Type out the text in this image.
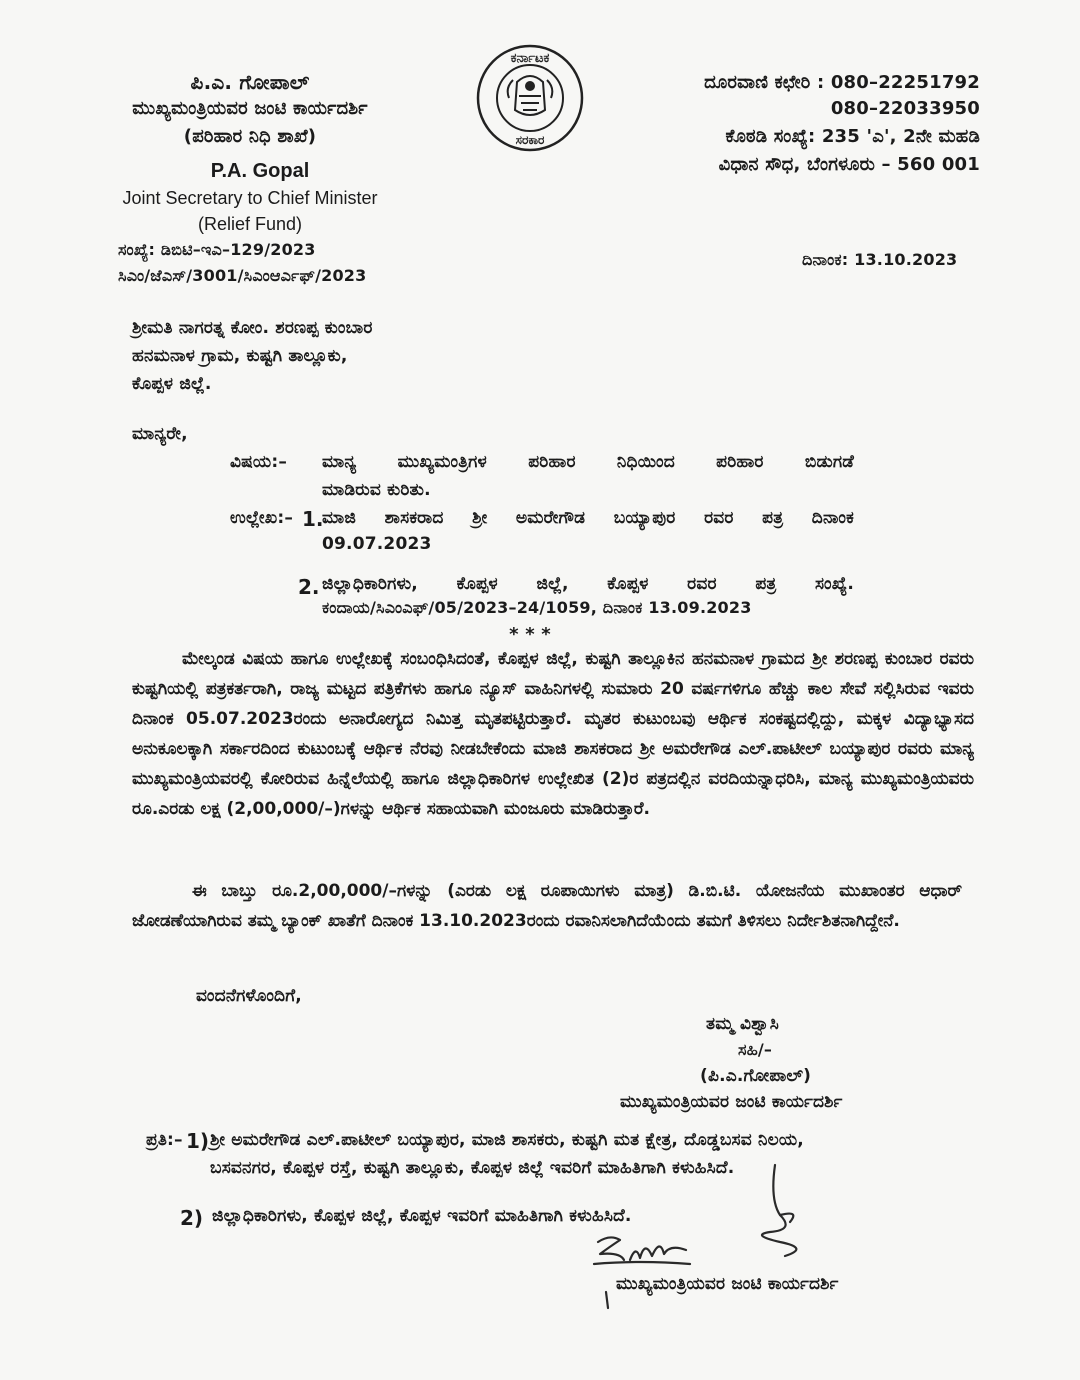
ಪಿ.ಎ. ಗೋಪಾಲ್
ಮುಖ್ಯಮಂತ್ರಿಯವರ ಜಂಟಿ ಕಾರ್ಯದರ್ಶಿ
(ಪರಿಹಾರ ನಿಧಿ ಶಾಖೆ)
P.A. Gopal
Joint Secretary to Chief Minister
(Relief Fund)
ಸಂಖ್ಯೆ: ಡಿಬಿಟಿ–ಇಎ–129/2023
ಸಿಎಂ/ಜೆಎಸ್/3001/ಸಿಎಂಆರ್ಎಫ್/2023
ಕರ್ನಾಟಕ
ಸರಕಾರ
ದೂರವಾಣಿ ಕಛೇರಿ : 080–22251792
080–22033950
ಕೊಠಡಿ ಸಂಖ್ಯೆ: 235 'ಎ', 2ನೇ ಮಹಡಿ
ವಿಧಾನ ಸೌಧ, ಬೆಂಗಳೂರು – 560 001
ದಿನಾಂಕ: 13.10.2023
ಶ್ರೀಮತಿ ನಾಗರತ್ನ ಕೋಂ. ಶರಣಪ್ಪ ಕುಂಬಾರ
ಹನಮನಾಳ ಗ್ರಾಮ, ಕುಷ್ಟಗಿ ತಾಲ್ಲೂಕು,
ಕೊಪ್ಪಳ ಜಿಲ್ಲೆ.
ಮಾನ್ಯರೇ,
ವಿಷಯ:– ಮಾನ್ಯ ಮುಖ್ಯಮಂತ್ರಿಗಳ ಪರಿಹಾರ ನಿಧಿಯಿಂದ ಪರಿಹಾರ ಬಿಡುಗಡೆ
ಮಾಡಿರುವ ಕುರಿತು.
ಉಲ್ಲೇಖ:– 1.
ಮಾಜಿ ಶಾಸಕರಾದ ಶ್ರೀ ಅಮರೇಗೌಡ ಬಯ್ಯಾಪುರ ರವರ ಪತ್ರ ದಿನಾಂಕ
09.07.2023
2. ಜಿಲ್ಲಾಧಿಕಾರಿಗಳು, ಕೊಪ್ಪಳ ಜಿಲ್ಲೆ, ಕೊಪ್ಪಳ ರವರ ಪತ್ರ ಸಂಖ್ಯೆ.
ಕಂದಾಯ/ಸಿಎಂಎಫ್/05/2023–24/1059, ದಿನಾಂಕ 13.09.2023
* * *
ಮೇಲ್ಕಂಡ ವಿಷಯ ಹಾಗೂ ಉಲ್ಲೇಖಕ್ಕೆ ಸಂಬಂಧಿಸಿದಂತೆ, ಕೊಪ್ಪಳ ಜಿಲ್ಲೆ, ಕುಷ್ಟಗಿ ತಾಲ್ಲೂಕಿನ ಹನಮನಾಳ ಗ್ರಾಮದ ಶ್ರೀ ಶರಣಪ್ಪ ಕುಂಬಾರ ರವರು ಕುಷ್ಟಗಿಯಲ್ಲಿ ಪತ್ರಕರ್ತರಾಗಿ, ರಾಜ್ಯ ಮಟ್ಟದ ಪತ್ರಿಕೆಗಳು ಹಾಗೂ ನ್ಯೂಸ್ ವಾಹಿನಿಗಳಲ್ಲಿ ಸುಮಾರು 20 ವರ್ಷಗಳಿಗೂ ಹೆಚ್ಚು ಕಾಲ ಸೇವೆ ಸಲ್ಲಿಸಿರುವ ಇವರು ದಿನಾಂಕ 05.07.2023ರಂದು ಅನಾರೋಗ್ಯದ ನಿಮಿತ್ತ ಮೃತಪಟ್ಟಿರುತ್ತಾರೆ. ಮೃತರ ಕುಟುಂಬವು ಆರ್ಥಿಕ ಸಂಕಷ್ಟದಲ್ಲಿದ್ದು, ಮಕ್ಕಳ ವಿದ್ಯಾಭ್ಯಾಸದ ಅನುಕೂಲಕ್ಕಾಗಿ ಸರ್ಕಾರದಿಂದ ಕುಟುಂಬಕ್ಕೆ ಆರ್ಥಿಕ ನೆರವು ನೀಡಬೇಕೆಂದು ಮಾಜಿ ಶಾಸಕರಾದ ಶ್ರೀ ಅಮರೇಗೌಡ ಎಲ್.ಪಾಟೀಲ್ ಬಯ್ಯಾಪುರ ರವರು ಮಾನ್ಯ ಮುಖ್ಯಮಂತ್ರಿಯವರಲ್ಲಿ ಕೋರಿರುವ ಹಿನ್ನೆಲೆಯಲ್ಲಿ ಹಾಗೂ ಜಿಲ್ಲಾಧಿಕಾರಿಗಳ ಉಲ್ಲೇಖಿತ (2)ರ ಪತ್ರದಲ್ಲಿನ ವರದಿಯನ್ನಾಧರಿಸಿ, ಮಾನ್ಯ ಮುಖ್ಯಮಂತ್ರಿಯವರು ರೂ.ಎರಡು ಲಕ್ಷ (2,00,000/–)ಗಳನ್ನು ಆರ್ಥಿಕ ಸಹಾಯವಾಗಿ ಮಂಜೂರು ಮಾಡಿರುತ್ತಾರೆ.
ಈ ಬಾಬ್ತು ರೂ.2,00,000/–ಗಳನ್ನು (ಎರಡು ಲಕ್ಷ ರೂಪಾಯಿಗಳು ಮಾತ್ರ) ಡಿ.ಬಿ.ಟಿ. ಯೋಜನೆಯ ಮುಖಾಂತರ ಆಧಾರ್ ಜೋಡಣೆಯಾಗಿರುವ ತಮ್ಮ ಬ್ಯಾಂಕ್ ಖಾತೆಗೆ ದಿನಾಂಕ 13.10.2023ರಂದು ರವಾನಿಸಲಾಗಿದೆಯೆಂದು ತಮಗೆ ತಿಳಿಸಲು ನಿರ್ದೇಶಿತನಾಗಿದ್ದೇನೆ.
ವಂದನೆಗಳೊಂದಿಗೆ,
ತಮ್ಮ ವಿಶ್ವಾಸಿ
ಸಹಿ/–
(ಪಿ.ಎ.ಗೋಪಾಲ್)
ಮುಖ್ಯಮಂತ್ರಿಯವರ ಜಂಟಿ ಕಾರ್ಯದರ್ಶಿ
ಪ್ರತಿ:– 1) ಶ್ರೀ ಅಮರೇಗೌಡ ಎಲ್.ಪಾಟೀಲ್ ಬಯ್ಯಾಪುರ, ಮಾಜಿ ಶಾಸಕರು, ಕುಷ್ಟಗಿ ಮತ ಕ್ಷೇತ್ರ, ದೊಡ್ಡಬಸವ ನಿಲಯ,
ಬಸವನಗರ, ಕೊಪ್ಪಳ ರಸ್ತೆ, ಕುಷ್ಟಗಿ ತಾಲ್ಲೂಕು, ಕೊಪ್ಪಳ ಜಿಲ್ಲೆ ಇವರಿಗೆ ಮಾಹಿತಿಗಾಗಿ ಕಳುಹಿಸಿದೆ.
2) ಜಿಲ್ಲಾಧಿಕಾರಿಗಳು, ಕೊಪ್ಪಳ ಜಿಲ್ಲೆ, ಕೊಪ್ಪಳ ಇವರಿಗೆ ಮಾಹಿತಿಗಾಗಿ ಕಳುಹಿಸಿದೆ.
ಮುಖ್ಯಮಂತ್ರಿಯವರ ಜಂಟಿ ಕಾರ್ಯದರ್ಶಿ
